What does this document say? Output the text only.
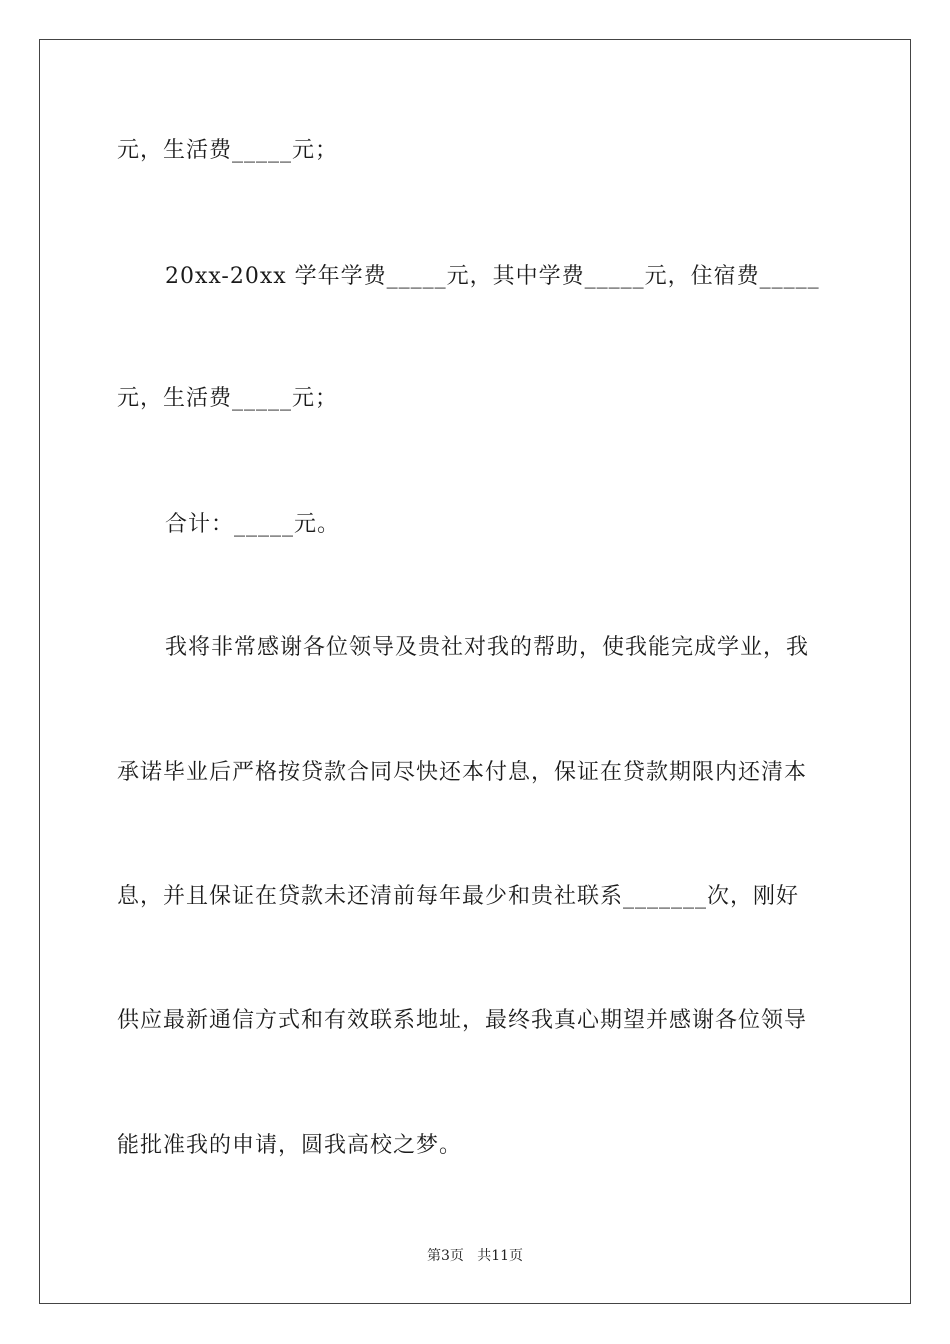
元，生活费_____元；
20xx-20xx 学年学费_____元，其中学费_____元，住宿费_____
元，生活费_____元；
合计：_____元。
我将非常感谢各位领导及贵社对我的帮助，使我能完成学业，我
承诺毕业后严格按贷款合同尽快还本付息，保证在贷款期限内还清本
息，并且保证在贷款未还清前每年最少和贵社联系_______次，刚好
供应最新通信方式和有效联系地址，最终我真心期望并感谢各位领导
能批准我的申请，圆我高校之梦。
第3页   共11页
